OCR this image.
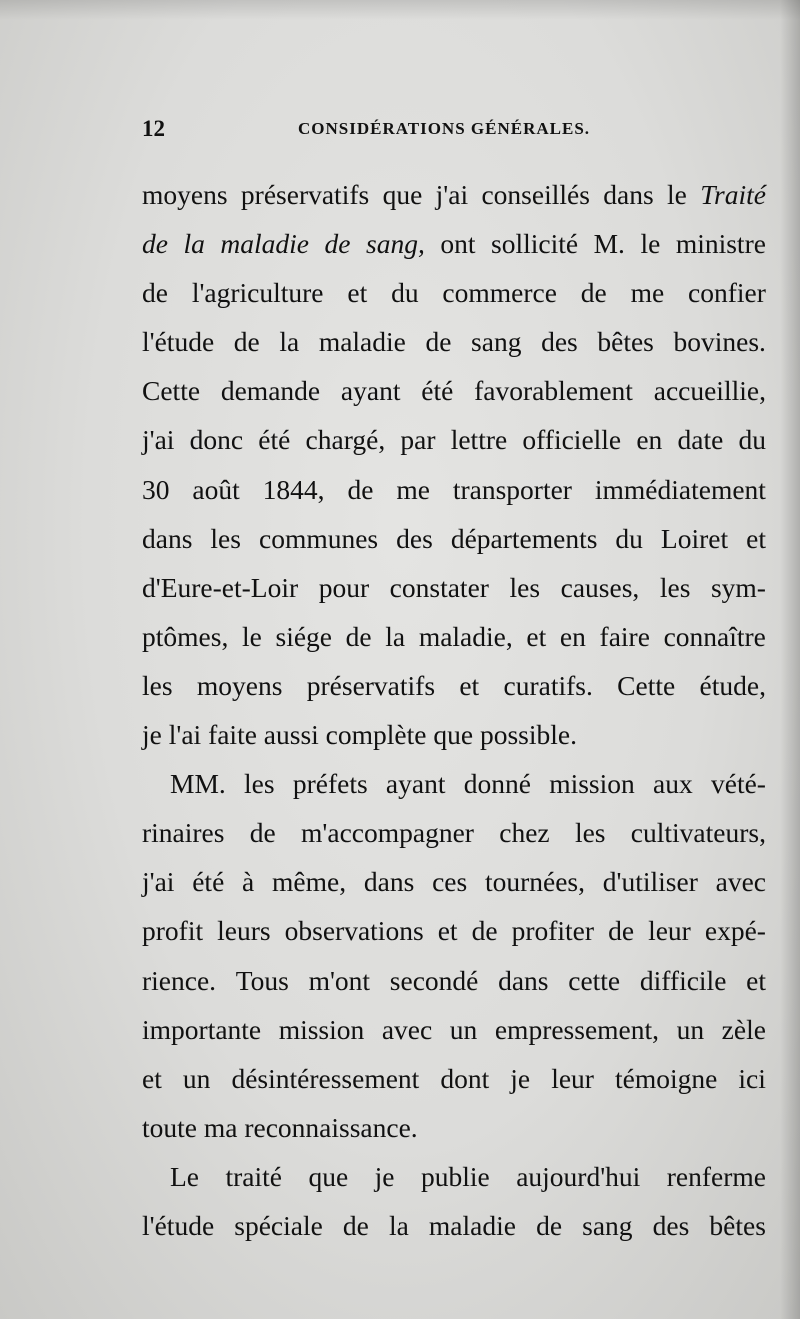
12	CONSIDÉRATIONS GÉNÉRALES.
moyens préservatifs que j'ai conseillés dans le Traité
de la maladie de sang, ont sollicité M. le ministre
de l'agriculture et du commerce de me confier
l'étude de la maladie de sang des bêtes bovines.
Cette demande ayant été favorablement accueillie,
j'ai donc été chargé, par lettre officielle en date du
30 août 1844, de me transporter immédiatement
dans les communes des départements du Loiret et
d'Eure-et-Loir pour constater les causes, les sym-
ptômes, le siége de la maladie, et en faire connaître
les moyens préservatifs et curatifs. Cette étude,
je l'ai faite aussi complète que possible.
MM. les préfets ayant donné mission aux vété-
rinaires de m'accompagner chez les cultivateurs,
j'ai été à même, dans ces tournées, d'utiliser avec
profit leurs observations et de profiter de leur expé-
rience. Tous m'ont secondé dans cette difficile et
importante mission avec un empressement, un zèle
et un désintéressement dont je leur témoigne ici
toute ma reconnaissance.
Le traité que je publie aujourd'hui renferme
l'étude spéciale de la maladie de sang des bêtes
